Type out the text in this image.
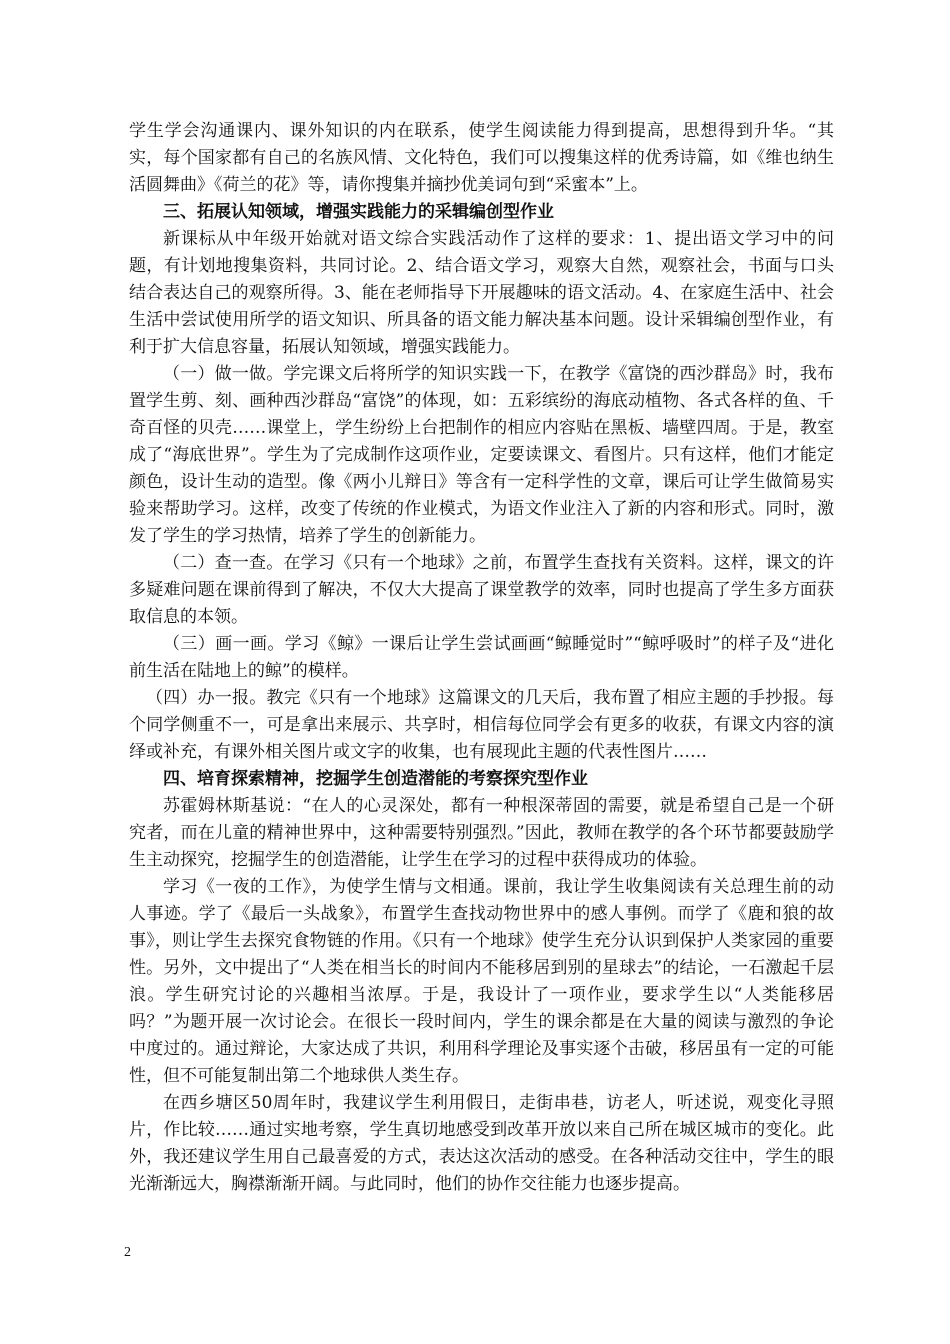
学生学会沟通课内、课外知识的内在联系，使学生阅读能力得到提高，思想得到升华。“其实，每个国家都有自己的名族风情、文化特色，我们可以搜集这样的优秀诗篇，如《维也纳生活圆舞曲》《荷兰的花》等，请你搜集并摘抄优美词句到“采蜜本”上。

三、拓展认知领域，增强实践能力的采辑编创型作业

新课标从中年级开始就对语文综合实践活动作了这样的要求：1、提出语文学习中的问题，有计划地搜集资料，共同讨论。2、结合语文学习，观察大自然，观察社会，书面与口头结合表达自己的观察所得。3、能在老师指导下开展趣味的语文活动。4、在家庭生活中、社会生活中尝试使用所学的语文知识、所具备的语文能力解决基本问题。设计采辑编创型作业，有利于扩大信息容量，拓展认知领域，增强实践能力。

（一）做一做。学完课文后将所学的知识实践一下，在教学《富饶的西沙群岛》时，我布置学生剪、刻、画种西沙群岛“富饶”的体现，如：五彩缤纷的海底动植物、各式各样的鱼、千奇百怪的贝壳……课堂上，学生纷纷上台把制作的相应内容贴在黑板、墙壁四周。于是，教室成了“海底世界”。学生为了完成制作这项作业，定要读课文、看图片。只有这样，他们才能定颜色，设计生动的造型。像《两小儿辩日》等含有一定科学性的文章，课后可让学生做简易实验来帮助学习。这样，改变了传统的作业模式，为语文作业注入了新的内容和形式。同时，激发了学生的学习热情，培养了学生的创新能力。

（二）查一查。在学习《只有一个地球》之前，布置学生查找有关资料。这样，课文的许多疑难问题在课前得到了解决，不仅大大提高了课堂教学的效率，同时也提高了学生多方面获取信息的本领。

（三）画一画。学习《鲸》一课后让学生尝试画画“鲸睡觉时”“鲸呼吸时”的样子及“进化前生活在陆地上的鲸”的模样。

（四）办一报。教完《只有一个地球》这篇课文的几天后，我布置了相应主题的手抄报。每个同学侧重不一，可是拿出来展示、共享时，相信每位同学会有更多的收获，有课文内容的演绎或补充，有课外相关图片或文字的收集，也有展现此主题的代表性图片……

四、培育探索精神，挖掘学生创造潜能的考察探究型作业

苏霍姆林斯基说：“在人的心灵深处，都有一种根深蒂固的需要，就是希望自己是一个研究者，而在儿童的精神世界中，这种需要特别强烈。”因此，教师在教学的各个环节都要鼓励学生主动探究，挖掘学生的创造潜能，让学生在学习的过程中获得成功的体验。

学习《一夜的工作》，为使学生情与文相通。课前，我让学生收集阅读有关总理生前的动人事迹。学了《最后一头战象》，布置学生查找动物世界中的感人事例。而学了《鹿和狼的故事》，则让学生去探究食物链的作用。《只有一个地球》使学生充分认识到保护人类家园的重要性。另外，文中提出了“人类在相当长的时间内不能移居到别的星球去”的结论，一石激起千层浪。学生研究讨论的兴趣相当浓厚。于是，我设计了一项作业，要求学生以“人类能移居吗？”为题开展一次讨论会。在很长一段时间内，学生的课余都是在大量的阅读与激烈的争论中度过的。通过辩论，大家达成了共识，利用科学理论及事实逐个击破，移居虽有一定的可能性，但不可能复制出第二个地球供人类生存。

在西乡塘区50周年时，我建议学生利用假日，走街串巷，访老人，听述说，观变化寻照片，作比较……通过实地考察，学生真切地感受到改革开放以来自己所在城区城市的变化。此外，我还建议学生用自己最喜爱的方式，表达这次活动的感受。在各种活动交往中，学生的眼光渐渐远大，胸襟渐渐开阔。与此同时，他们的协作交往能力也逐步提高。

2
